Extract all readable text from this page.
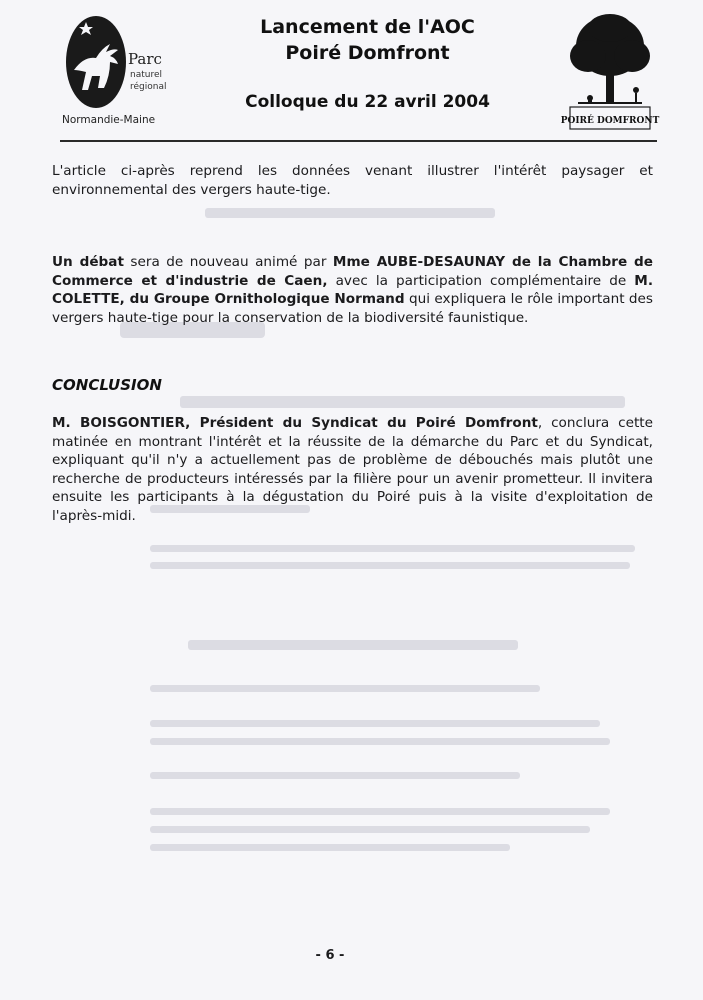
Parc
naturel
régional
Normandie-Maine
Lancement de l'AOC
Poiré Domfront
Colloque du 22 avril 2004
POIRÉ DOMFRONT
L'article ci-après reprend les données venant illustrer l'intérêt paysager et environnemental des vergers haute-tige.
Un débat sera de nouveau animé par Mme AUBE-DESAUNAY de la Chambre de Commerce et d'industrie de Caen, avec la participation complémentaire de M. COLETTE, du Groupe Ornithologique Normand qui expliquera le rôle important des vergers haute-tige pour la conservation de la biodiversité faunistique.
CONCLUSION
M. BOISGONTIER, Président du Syndicat du Poiré Domfront, conclura cette matinée en montrant l'intérêt et la réussite de la démarche du Parc et du Syndicat, expliquant qu'il n'y a actuellement pas de problème de débouchés mais plutôt une recherche de producteurs intéressés par la filière pour un avenir prometteur. Il invitera ensuite les participants à la dégustation du Poiré puis à la visite d'exploitation de l'après-midi.
- 6 -
